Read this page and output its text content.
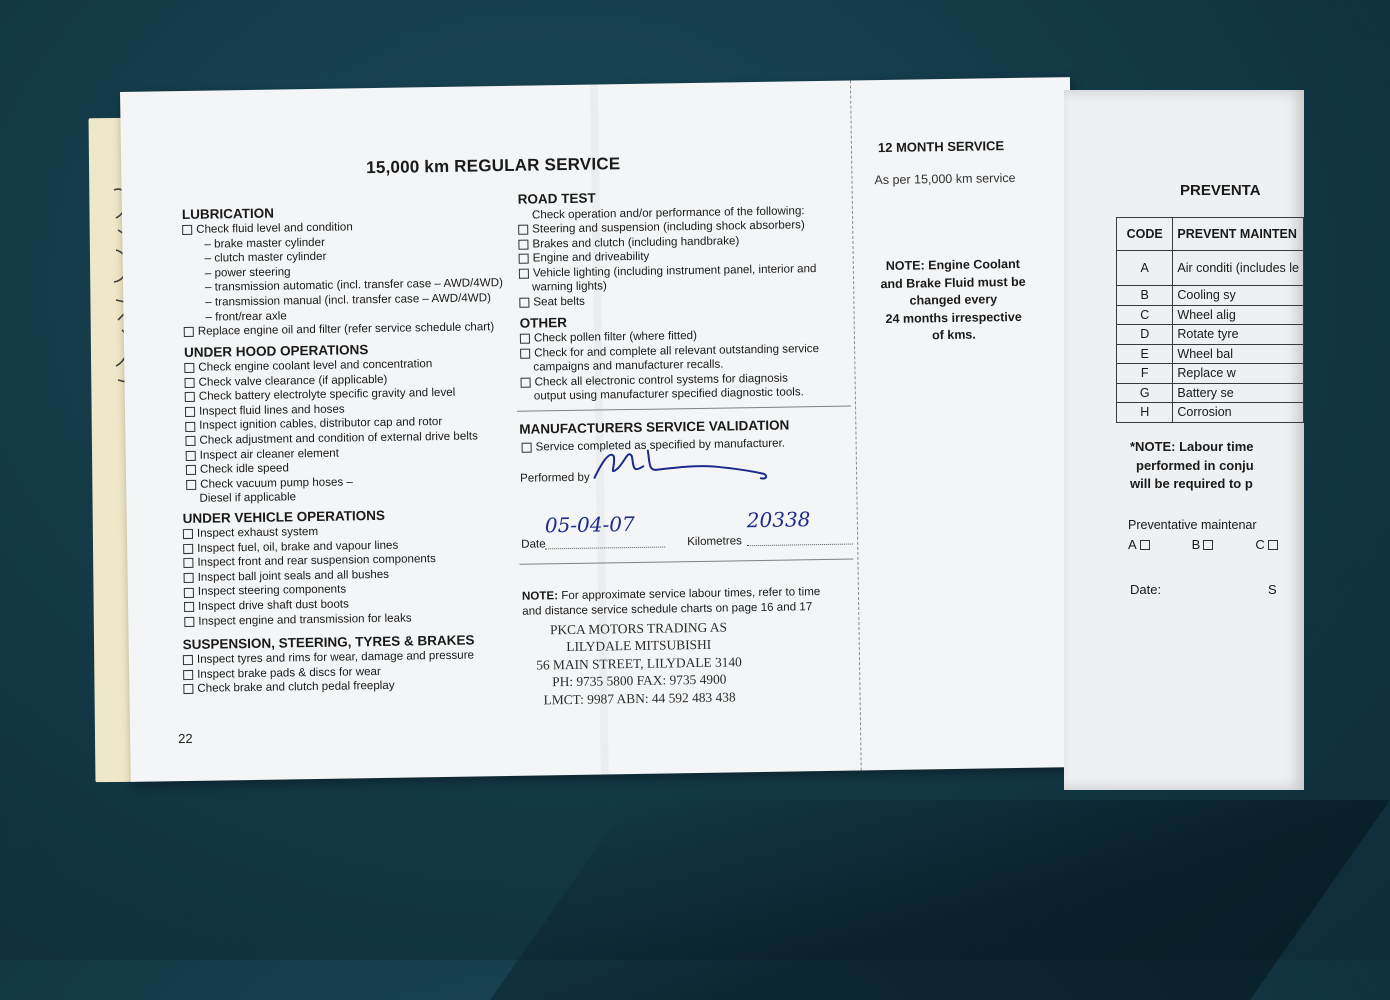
15,000 km REGULAR SERVICE
LUBRICATION
Check fluid level and condition
– brake master cylinder
– clutch master cylinder
– power steering
– transmission automatic (incl. transfer case – AWD/4WD)
– transmission manual (incl. transfer case – AWD/4WD)
– front/rear axle
Replace engine oil and filter (refer service schedule chart)
UNDER HOOD OPERATIONS
Check engine coolant level and concentration
Check valve clearance (if applicable)
Check battery electrolyte specific gravity and level
Inspect fluid lines and hoses
Inspect ignition cables, distributor cap and rotor
Check adjustment and condition of external drive belts
Inspect air cleaner element
Check idle speed
Check vacuum pump hoses –
Diesel if applicable
UNDER VEHICLE OPERATIONS
Inspect exhaust system
Inspect fuel, oil, brake and vapour lines
Inspect front and rear suspension components
Inspect ball joint seals and all bushes
Inspect steering components
Inspect drive shaft dust boots
Inspect engine and transmission for leaks
SUSPENSION, STEERING, TYRES & BRAKES
Inspect tyres and rims for wear, damage and pressure
Inspect brake pads & discs for wear
Check brake and clutch pedal freeplay
22
ROAD TEST
Check operation and/or performance of the following:
Steering and suspension (including shock absorbers)
Brakes and clutch (including handbrake)
Engine and driveability
Vehicle lighting (including instrument panel, interior and
warning lights)
Seat belts
OTHER
Check pollen filter (where fitted)
Check for and complete all relevant outstanding service
campaigns and manufacturer recalls.
Check all electronic control systems for diagnosis
output using manufacturer specified diagnostic tools.
MANUFACTURERS SERVICE VALIDATION
Service completed as specified by manufacturer.
Performed by
Date
05-04-07
Kilometres
20338
NOTE: For approximate service labour times, refer to time
and distance service schedule charts on page 16 and 17
PKCA MOTORS TRADING AS
LILYDALE MITSUBISHI
56 MAIN STREET, LILYDALE 3140
PH: 9735 5800 FAX: 9735 4900
LMCT: 9987 ABN: 44 592 483 438
12 MONTH SERVICE
As per 15,000 km service
NOTE: Engine Coolant
and Brake Fluid must be
changed every
24 months irrespective
of kms.
PREVENTA
CODE	PREVENT MAINTEN
A	Air conditi (includes le
B	Cooling sy
C	Wheel alig
D	Rotate tyre
E	Wheel bal
F	Replace w
G	Battery se
H	Corrosion
*NOTE: Labour time
performed in conju
will be required to p
Preventative maintenar
A	B	C
Date:	S
